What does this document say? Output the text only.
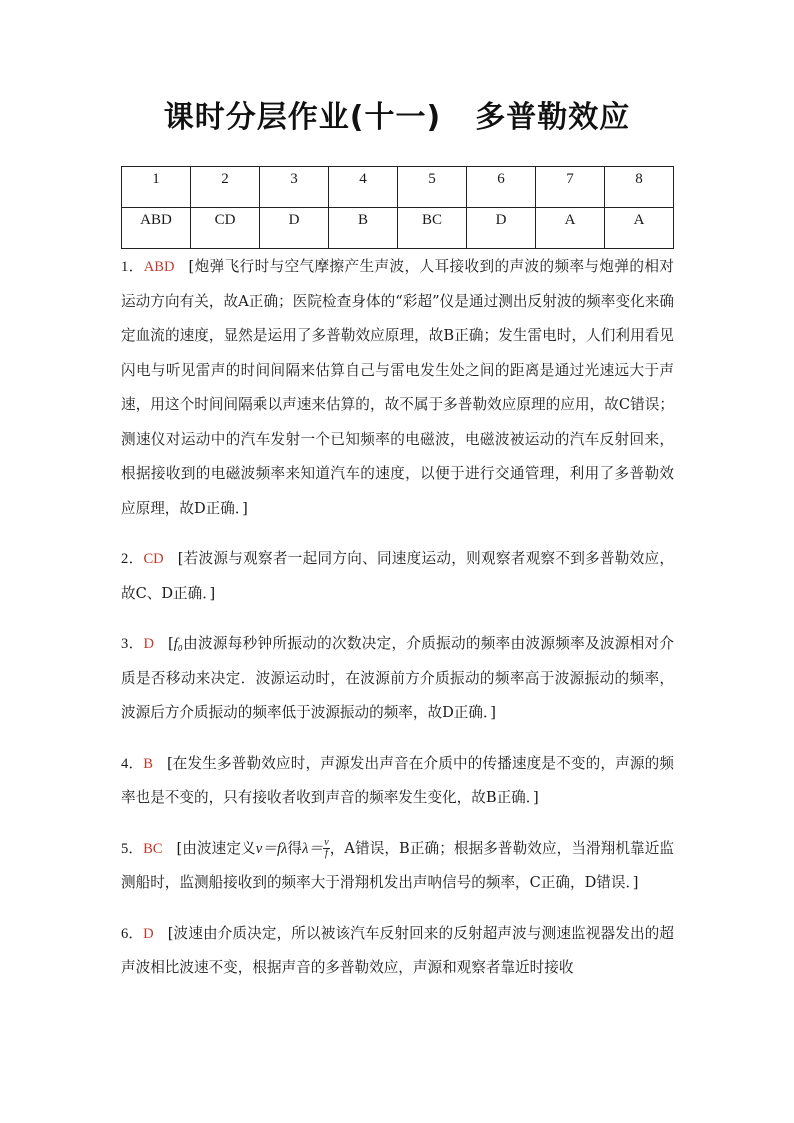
课时分层作业(十一) 多普勒效应
1	2	3	4	5	6	7	8
ABD	CD	D	B	BC	D	A	A

1．ABD [炮弹飞行时与空气摩擦产生声波，人耳接收到的声波的频率与炮弹的相对运动方向有关，故A正确；医院检查身体的“彩超”仪是通过测出反射波的频率变化来确定血流的速度，显然是运用了多普勒效应原理，故B正确；发生雷电时，人们利用看见闪电与听见雷声的时间间隔来估算自己与雷电发生处之间的距离是通过光速远大于声速，用这个时间间隔乘以声速来估算的，故不属于多普勒效应原理的应用，故C错误；测速仪对运动中的汽车发射一个已知频率的电磁波，电磁波被运动的汽车反射回来，根据接收到的电磁波频率来知道汽车的速度，以便于进行交通管理，利用了多普勒效应原理，故D正确．]

2．CD [若波源与观察者一起同方向、同速度运动，则观察者观察不到多普勒效应，故C、D正确．]

3．D [f₀由波源每秒钟所振动的次数决定，介质振动的频率由波源频率及波源相对介质是否移动来决定．波源运动时，在波源前方介质振动的频率高于波源振动的频率，波源后方介质振动的频率低于波源振动的频率，故D正确．]

4．B [在发生多普勒效应时，声源发出声音在介质中的传播速度是不变的，声源的频率也是不变的，只有接收者收到声音的频率发生变化，故B正确．]

5．BC [由波速定义v＝fλ得$\lambda= \frac{v}{f}$ ，A错误，B正确；根据多普勒效应，当滑翔机靠近监测船时，监测船接收到的频率大于滑翔机发出声呐信号的频率，C正确，D错误．]

6．D [波速由介质决定，所以被该汽车反射回来的反射超声波与测速监视器发出的超声波相比波速不变，根据声音的多普勒效应，声源和观察者靠近时接收
